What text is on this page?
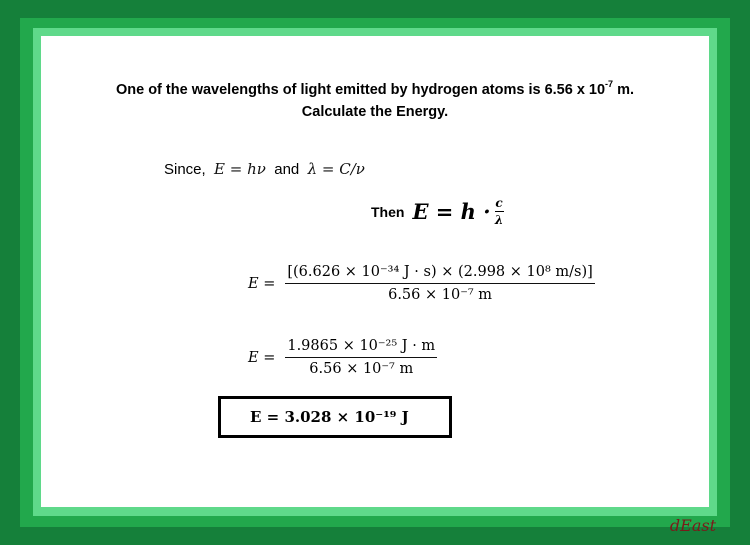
One of the wavelengths of light emitted by hydrogen atoms is 6.56 x $10^{-7}$ m.
Calculate the Energy.
Since, E = hν and λ = C/ν
Then $E = h \cdot \frac{c}{\lambda}$
$E = \frac{\text{[(6.626 × 10⁻³⁴ J · s) × (2.998 × 10⁸ m/s)]}}{\text{6.56 × 10⁻⁷ m}}$
$E = \frac{\text{1.9865 × 10⁻²⁵ J · m}}{\text{6.56 × 10⁻⁷ m}}$
E = 3.028 × 10⁻¹⁹ J
dEast
